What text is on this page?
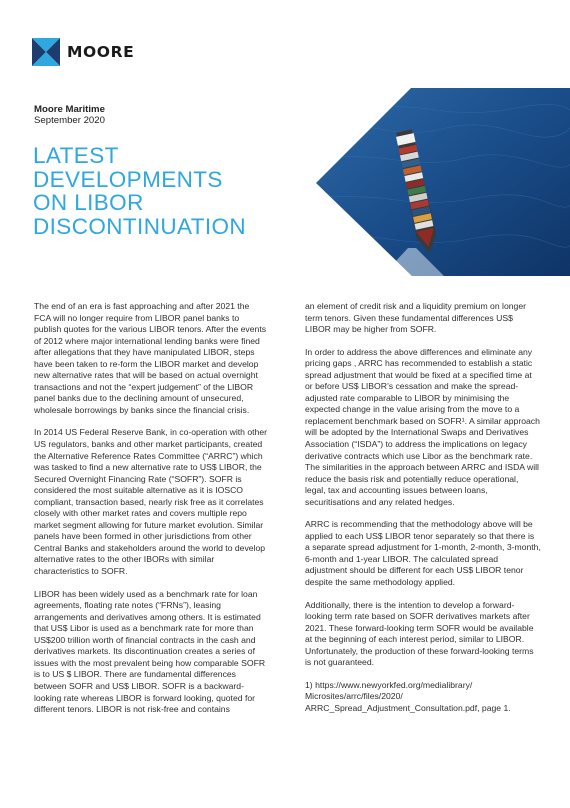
MOORE
Moore Maritime
September 2020
LATEST
DEVELOPMENTS
ON LIBOR
DISCONTINUATION

The end of an era is fast approaching and after 2021 the FCA will no longer require from LIBOR panel banks to publish quotes for the various LIBOR tenors. After the events of 2012 where major international lending banks were fined after allegations that they have manipulated LIBOR, steps have been taken to re-form the LIBOR market and develop new alternative rates that will be based on actual overnight transactions and not the “expert judgement” of the LIBOR panel banks due to the declining amount of unsecured, wholesale borrowings by banks since the financial crisis.

In 2014 US Federal Reserve Bank, in co-operation with other US regulators, banks and other market participants, created the Alternative Reference Rates Committee (“ARRC”) which was tasked to find a new alternative rate to US$ LIBOR, the Secured Overnight Financing Rate (“SOFR”). SOFR is considered the most suitable alternative as it is IOSCO compliant, transaction based, nearly risk free as it correlates closely with other market rates and covers multiple repo market segment allowing for future market evolution. Similar panels have been formed in other jurisdictions from other Central Banks and stakeholders around the world to develop alternative rates to the other IBORs with similar characteristics to SOFR.

LIBOR has been widely used as a benchmark rate for loan agreements, floating rate notes (“FRNs”), leasing arrangements and derivatives among others. It is estimated that US$ Libor is used as a benchmark rate for more than US$200 trillion worth of financial contracts in the cash and derivatives markets. Its discontinuation creates a series of issues with the most prevalent being how comparable SOFR is to US $ LIBOR. There are fundamental differences between SOFR and US$ LIBOR. SOFR is a backward-looking rate whereas LIBOR is forward looking, quoted for different tenors. LIBOR is not risk-free and contains

an element of credit risk and a liquidity premium on longer term tenors. Given these fundamental differences US$ LIBOR may be higher from SOFR.

In order to address the above differences and eliminate any pricing gaps , ARRC has recommended to establish a static spread adjustment that would be fixed at a specified time at or before US$ LIBOR’s cessation and make the spread-adjusted rate comparable to LIBOR by minimising the expected change in the value arising from the move to a replacement benchmark based on SOFR¹. A similar approach will be adopted by the International Swaps and Derivatives Association (“ISDA”) to address the implications on legacy derivative contracts which use Libor as the benchmark rate. The similarities in the approach between ARRC and ISDA will reduce the basis risk and potentially reduce operational, legal, tax and accounting issues between loans, securitisations and any related hedges.

ARRC is recommending that the methodology above will be applied to each US$ LIBOR tenor separately so that there is a separate spread adjustment for 1-month, 2-month, 3-month, 6-month and 1-year LIBOR. The calculated spread adjustment should be different for each US$ LIBOR tenor despite the same methodology applied.

Additionally, there is the intention to develop a forward-looking term rate based on SOFR derivatives markets after 2021. These forward-looking term SOFR would be available at the beginning of each interest period, similar to LIBOR. Unfortunately, the production of these forward-looking terms is not guaranteed.

1) https://www.newyorkfed.org/medialibrary/ Microsites/arrc/files/2020/ ARRC_Spread_Adjustment_Consultation.pdf, page 1.
